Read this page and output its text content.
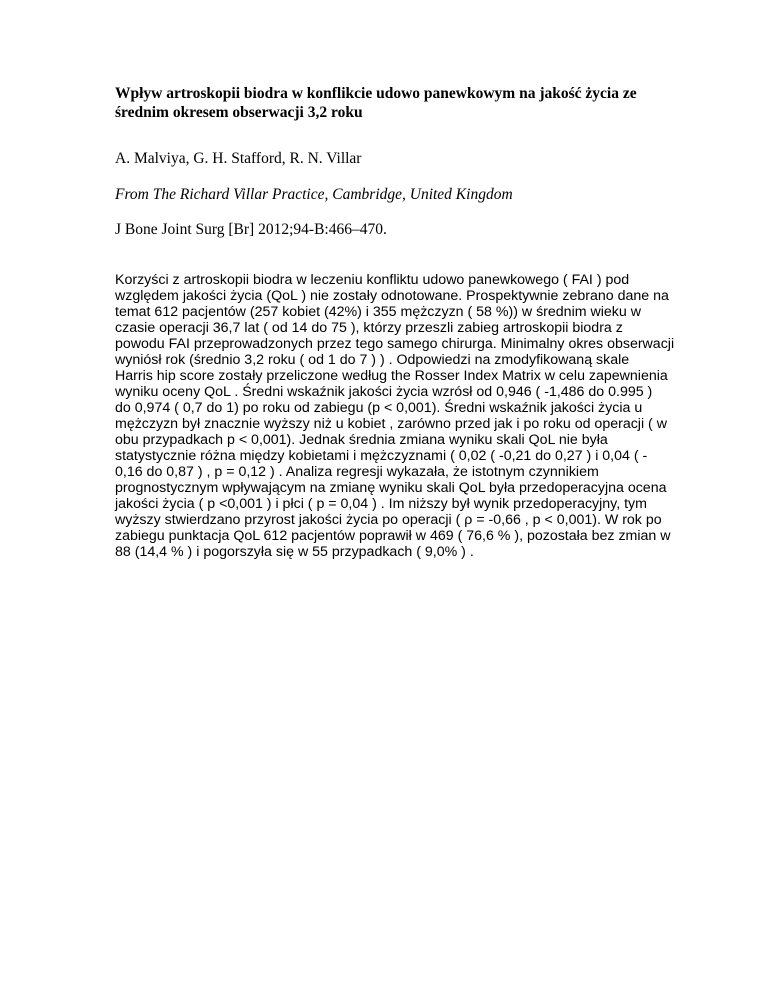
Wpływ artroskopii biodra w konflikcie udowo panewkowym na jakość życia ze
średnim okresem obserwacji 3,2 roku

A. Malviya, G. H. Stafford, R. N. Villar

From The Richard Villar Practice, Cambridge, United Kingdom

J Bone Joint Surg [Br] 2012;94-B:466–470.

Korzyści z artroskopii biodra w leczeniu konfliktu udowo panewkowego ( FAI ) pod
względem jakości życia (QoL ) nie zostały odnotowane. Prospektywnie zebrano dane na
temat 612 pacjentów (257 kobiet (42%) i 355 mężczyzn ( 58 %)) w średnim wieku w
czasie operacji 36,7 lat ( od 14 do 75 ), którzy przeszli zabieg artroskopii biodra z
powodu FAI przeprowadzonych przez tego samego chirurga. Minimalny okres obserwacji
wyniósł rok (średnio 3,2 roku ( od 1 do 7 ) ) . Odpowiedzi na zmodyfikowaną skale
Harris hip score zostały przeliczone według the Rosser Index Matrix w celu zapewnienia
wyniku oceny QoL . Średni wskaźnik jakości życia wzrósł od 0,946 ( -1,486 do 0.995 )
do 0,974 ( 0,7 do 1) po roku od zabiegu (p < 0,001). Średni wskaźnik jakości życia u
mężczyzn był znacznie wyższy niż u kobiet , zarówno przed jak i po roku od operacji ( w
obu przypadkach p < 0,001). Jednak średnia zmiana wyniku skali QoL nie była
statystycznie różna między kobietami i mężczyznami ( 0,02 ( -0,21 do 0,27 ) i 0,04 ( -
0,16 do 0,87 ) , p = 0,12 ) . Analiza regresji wykazała, że istotnym czynnikiem
prognostycznym wpływającym na zmianę wyniku skali QoL była przedoperacyjna ocena
jakości życia ( p <0,001 ) i płci ( p = 0,04 ) . Im niższy był wynik przedoperacyjny, tym
wyższy stwierdzano przyrost jakości życia po operacji ( ρ = -0,66 , p < 0,001). W rok po
zabiegu punktacja QoL 612 pacjentów poprawił w 469 ( 76,6 % ), pozostała bez zmian w
88 (14,4 % ) i pogorszyła się w 55 przypadkach ( 9,0% ) .
